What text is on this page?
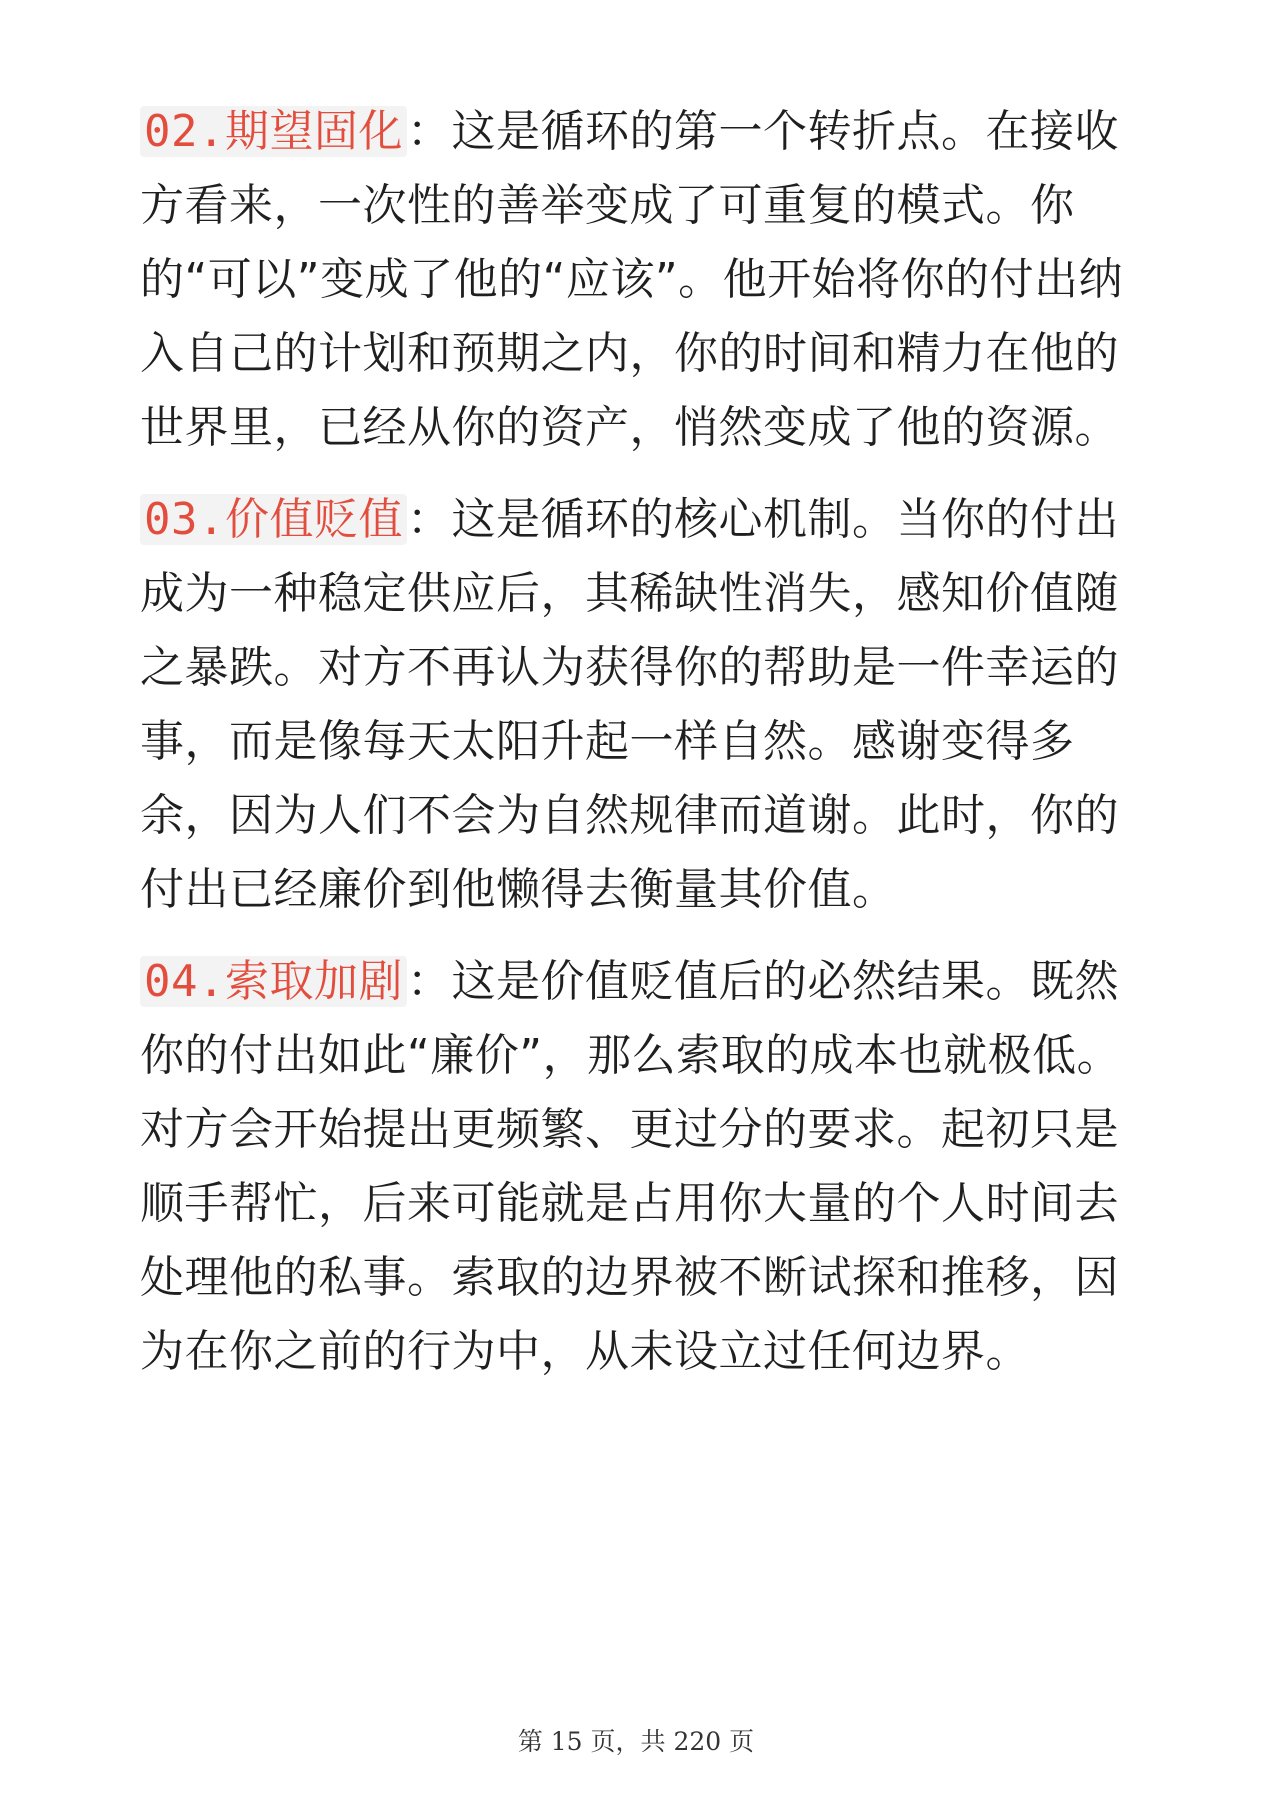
02.期望固化：这是循环的第一个转折点。在接收方看来，一次性的善举变成了可重复的模式。你的“可以”变成了他的“应该”。他开始将你的付出纳入自己的计划和预期之内，你的时间和精力在他的世界里，已经从你的资产，悄然变成了他的资源。

03.价值贬值：这是循环的核心机制。当你的付出成为一种稳定供应后，其稀缺性消失，感知价值随之暴跌。对方不再认为获得你的帮助是一件幸运的事，而是像每天太阳升起一样自然。感谢变得多余，因为人们不会为自然规律而道谢。此时，你的付出已经廉价到他懒得去衡量其价值。

04.索取加剧：这是价值贬值后的必然结果。既然你的付出如此“廉价”，那么索取的成本也就极低。对方会开始提出更频繁、更过分的要求。起初只是顺手帮忙，后来可能就是占用你大量的个人时间去处理他的私事。索取的边界被不断试探和推移，因为在你之前的行为中，从未设立过任何边界。

第 15 页，共 220 页
